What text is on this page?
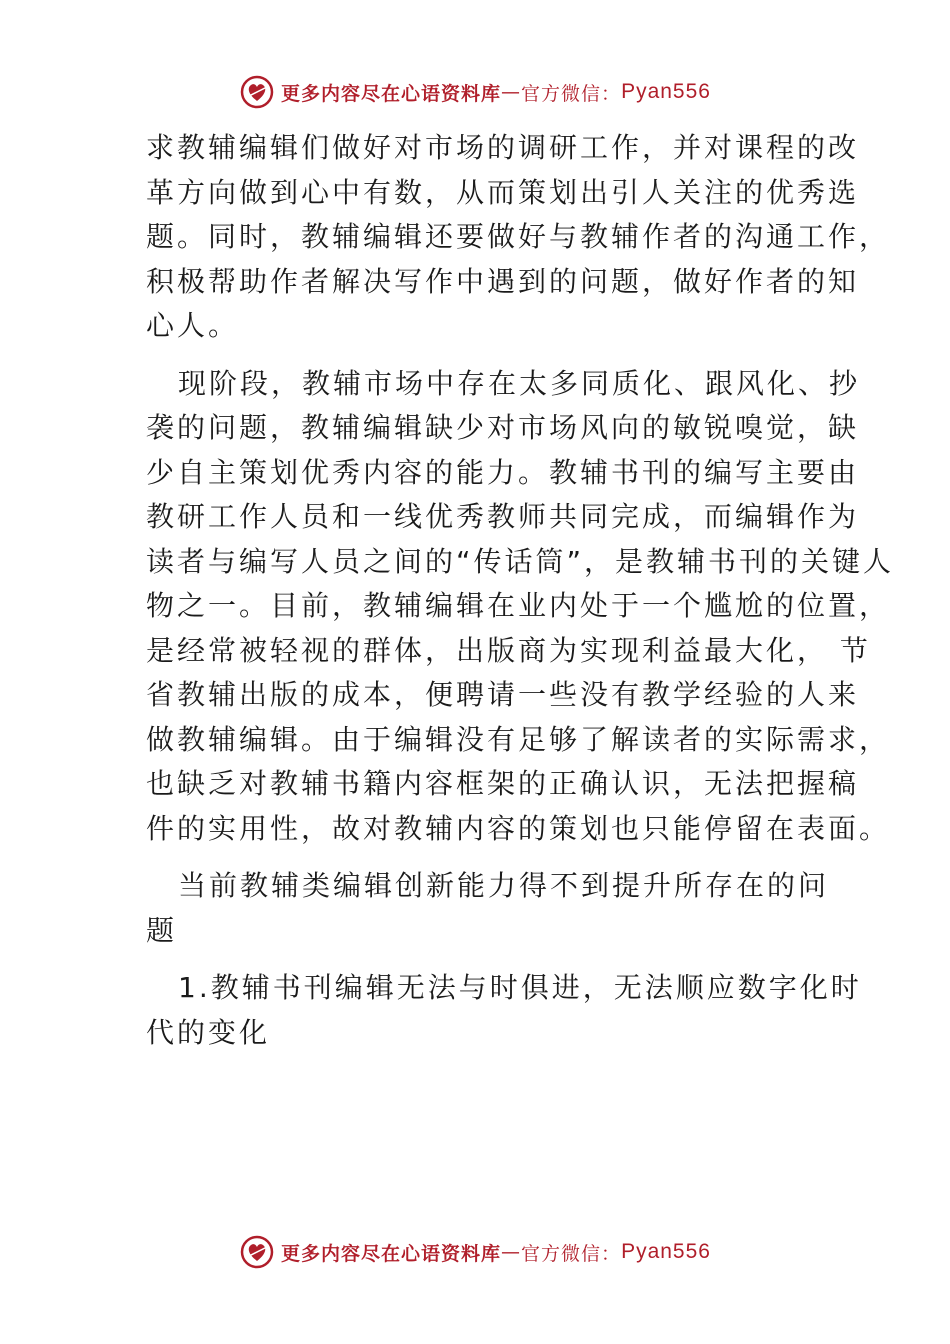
更多内容尽在心语资料库 — 官方微信： Pyan556
求教辅编辑们做好对市场的调研工作，并对课程的改
革方向做到心中有数，从而策划出引人关注的优秀选
题。同时，教辅编辑还要做好与教辅作者的沟通工作，
积极帮助作者解决写作中遇到的问题，做好作者的知
心人。
现阶段，教辅市场中存在太多同质化、跟风化、抄
袭的问题，教辅编辑缺少对市场风向的敏锐嗅觉，缺
少自主策划优秀内容的能力。教辅书刊的编写主要由
教研工作人员和一线优秀教师共同完成，而编辑作为
读者与编写人员之间的“传话筒”，是教辅书刊的关键人
物之一。目前，教辅编辑在业内处于一个尴尬的位置，
是经常被轻视的群体，出版商为实现利益最大化， 节
省教辅出版的成本，便聘请一些没有教学经验的人来
做教辅编辑。由于编辑没有足够了解读者的实际需求，
也缺乏对教辅书籍内容框架的正确认识，无法把握稿
件的实用性，故对教辅内容的策划也只能停留在表面。
当前教辅类编辑创新能力得不到提升所存在的问
题
1.教辅书刊编辑无法与时俱进，无法顺应数字化时
代的变化
更多内容尽在心语资料库 — 官方微信： Pyan556
